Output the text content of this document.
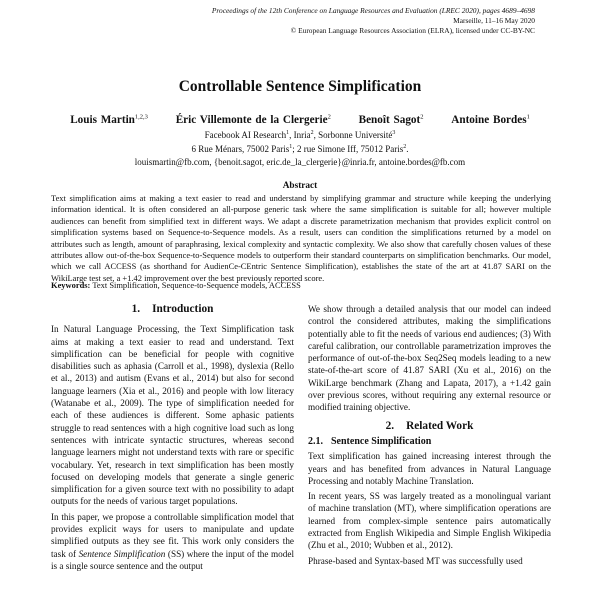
Proceedings of the 12th Conference on Language Resources and Evaluation (LREC 2020), pages 4689–4698
Marseille, 11–16 May 2020
© European Language Resources Association (ELRA), licensed under CC-BY-NC
Controllable Sentence Simplification
Louis Martin$^{1,2,3}$ Éric Villemonte de la Clergerie$^2$ Benoît Sagot$^2$ Antoine Bordes$^1$
Facebook AI Research$^1$, Inria$^2$, Sorbonne Université$^3$
6 Rue Ménars, 75002 Paris$^1$; 2 rue Simone Iff, 75012 Paris$^2$.
louismartin@fb.com, {benoit.sagot, eric.de_la_clergerie}@inria.fr, antoine.bordes@fb.com
Abstract
Text simplification aims at making a text easier to read and understand by simplifying grammar and structure while keeping the underlying information identical. It is often considered an all-purpose generic task where the same simplification is suitable for all; however multiple audiences can benefit from simplified text in different ways. We adapt a discrete parametrization mechanism that provides explicit control on simplification systems based on Sequence-to-Sequence models. As a result, users can condition the simplifications returned by a model on attributes such as length, amount of paraphrasing, lexical complexity and syntactic complexity. We also show that carefully chosen values of these attributes allow out-of-the-box Sequence-to-Sequence models to outperform their standard counterparts on simplification benchmarks. Our model, which we call ACCESS (as shorthand for AudienCe-CEntric Sentence Simplification), establishes the state of the art at 41.87 SARI on the WikiLarge test set, a +1.42 improvement over the best previously reported score.
Keywords: Text Simplification, Sequence-to-Sequence models, ACCESS
1. Introduction

In Natural Language Processing, the Text Simplification task aims at making a text easier to read and understand. Text simplification can be beneficial for people with cognitive disabilities such as aphasia (Carroll et al., 1998), dyslexia (Rello et al., 2013) and autism (Evans et al., 2014) but also for second language learners (Xia et al., 2016) and people with low literacy (Watanabe et al., 2009). The type of simplification needed for each of these audiences is different. Some aphasic patients struggle to read sentences with a high cognitive load such as long sentences with intricate syntactic structures, whereas second language learners might not understand texts with rare or specific vocabulary. Yet, research in text simplification has been mostly focused on developing models that generate a single generic simplification for a given source text with no possibility to adapt outputs for the needs of various target populations.

In this paper, we propose a controllable simplification model that provides explicit ways for users to manipulate and update simplified outputs as they see fit. This work only considers the task of Sentence Simplification (SS) where the input of the model is a single source sentence and the output

We show through a detailed analysis that our model can indeed control the considered attributes, making the simplifications potentially able to fit the needs of various end audiences; (3) With careful calibration, our controllable parametrization improves the performance of out-of-the-box Seq2Seq models leading to a new state-of-the-art score of 41.87 SARI (Xu et al., 2016) on the WikiLarge benchmark (Zhang and Lapata, 2017), a +1.42 gain over previous scores, without requiring any external resource or modified training objective.

2. Related Work
2.1. Sentence Simplification

Text simplification has gained increasing interest through the years and has benefited from advances in Natural Language Processing and notably Machine Translation.

In recent years, SS was largely treated as a monolingual variant of machine translation (MT), where simplification operations are learned from complex-simple sentence pairs automatically extracted from English Wikipedia and Simple English Wikipedia (Zhu et al., 2010; Wubben et al., 2012).

Phrase-based and Syntax-based MT was successfully used
